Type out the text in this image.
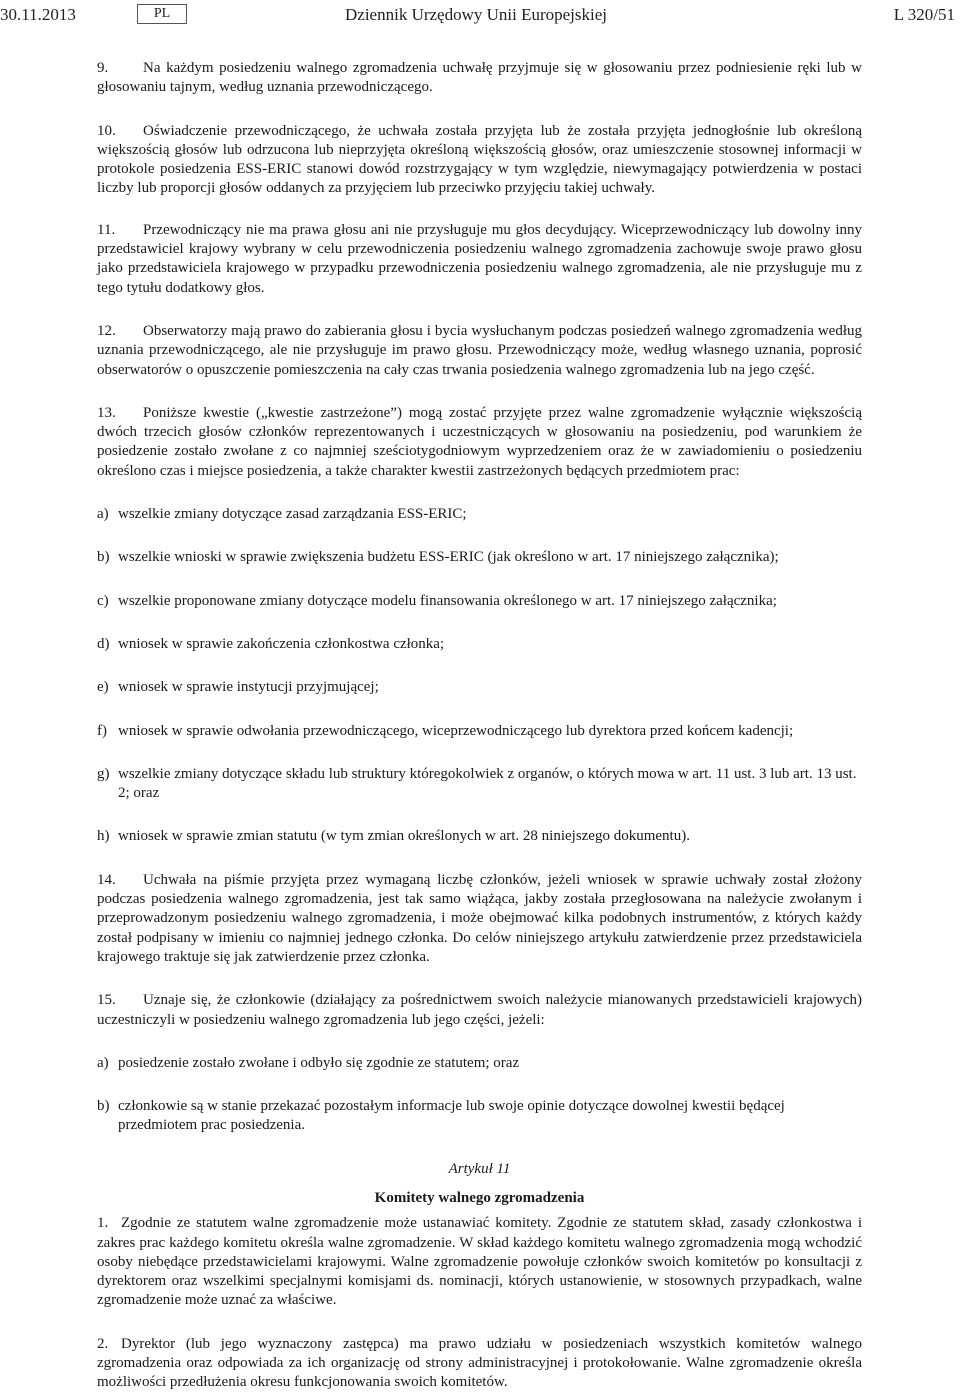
30.11.2013	PL	Dziennik Urzędowy Unii Europejskiej	L 320/51

9. Na każdym posiedzeniu walnego zgromadzenia uchwałę przyjmuje się w głosowaniu przez podniesienie ręki lub w głosowaniu tajnym, według uznania przewodniczącego.

10. Oświadczenie przewodniczącego, że uchwała została przyjęta lub że została przyjęta jednogłośnie lub określoną większością głosów lub odrzucona lub nieprzyjęta określoną większością głosów, oraz umieszczenie stosownej informacji w protokole posiedzenia ESS-ERIC stanowi dowód rozstrzygający w tym względzie, niewymagający potwierdzenia w postaci liczby lub proporcji głosów oddanych za przyjęciem lub przeciwko przyjęciu takiej uchwały.

11. Przewodniczący nie ma prawa głosu ani nie przysługuje mu głos decydujący. Wiceprzewodniczący lub dowolny inny przedstawiciel krajowy wybrany w celu przewodniczenia posiedzeniu walnego zgromadzenia zachowuje swoje prawo głosu jako przedstawiciela krajowego w przypadku przewodniczenia posiedzeniu walnego zgromadzenia, ale nie przysługuje mu z tego tytułu dodatkowy głos.

12. Obserwatorzy mają prawo do zabierania głosu i bycia wysłuchanym podczas posiedzeń walnego zgromadzenia według uznania przewodniczącego, ale nie przysługuje im prawo głosu. Przewodniczący może, według własnego uznania, poprosić obserwatorów o opuszczenie pomieszczenia na cały czas trwania posiedzenia walnego zgromadzenia lub na jego część.

13. Poniższe kwestie („kwestie zastrzeżone”) mogą zostać przyjęte przez walne zgromadzenie wyłącznie większością dwóch trzecich głosów członków reprezentowanych i uczestniczących w głosowaniu na posiedzeniu, pod warunkiem że posiedzenie zostało zwołane z co najmniej sześciotygodniowym wyprzedzeniem oraz że w zawiadomieniu o posiedzeniu określono czas i miejsce posiedzenia, a także charakter kwestii zastrzeżonych będących przedmiotem prac:

a) wszelkie zmiany dotyczące zasad zarządzania ESS-ERIC;

b) wszelkie wnioski w sprawie zwiększenia budżetu ESS-ERIC (jak określono w art. 17 niniejszego załącznika);

c) wszelkie proponowane zmiany dotyczące modelu finansowania określonego w art. 17 niniejszego załącznika;

d) wniosek w sprawie zakończenia członkostwa członka;

e) wniosek w sprawie instytucji przyjmującej;

f) wniosek w sprawie odwołania przewodniczącego, wiceprzewodniczącego lub dyrektora przed końcem kadencji;

g) wszelkie zmiany dotyczące składu lub struktury któregokolwiek z organów, o których mowa w art. 11 ust. 3 lub art. 13 ust. 2; oraz

h) wniosek w sprawie zmian statutu (w tym zmian określonych w art. 28 niniejszego dokumentu).

14. Uchwała na piśmie przyjęta przez wymaganą liczbę członków, jeżeli wniosek w sprawie uchwały został złożony podczas posiedzenia walnego zgromadzenia, jest tak samo wiążąca, jakby została przegłosowana na należycie zwołanym i przeprowadzonym posiedzeniu walnego zgromadzenia, i może obejmować kilka podobnych instrumentów, z których każdy został podpisany w imieniu co najmniej jednego członka. Do celów niniejszego artykułu zatwierdzenie przez przedstawiciela krajowego traktuje się jak zatwierdzenie przez członka.

15. Uznaje się, że członkowie (działający za pośrednictwem swoich należycie mianowanych przedstawicieli krajowych) uczestniczyli w posiedzeniu walnego zgromadzenia lub jego części, jeżeli:

a) posiedzenie zostało zwołane i odbyło się zgodnie ze statutem; oraz

b) członkowie są w stanie przekazać pozostałym informacje lub swoje opinie dotyczące dowolnej kwestii będącej przedmiotem prac posiedzenia.

Artykuł 11

Komitety walnego zgromadzenia

1. Zgodnie ze statutem walne zgromadzenie może ustanawiać komitety. Zgodnie ze statutem skład, zasady członkostwa i zakres prac każdego komitetu określa walne zgromadzenie. W skład każdego komitetu walnego zgromadzenia mogą wchodzić osoby niebędące przedstawicielami krajowymi. Walne zgromadzenie powołuje członków swoich komitetów po konsultacji z dyrektorem oraz wszelkimi specjalnymi komisjami ds. nominacji, których ustanowienie, w stosownych przypadkach, walne zgromadzenie może uznać za właściwe.

2. Dyrektor (lub jego wyznaczony zastępca) ma prawo udziału w posiedzeniach wszystkich komitetów walnego zgromadzenia oraz odpowiada za ich organizację od strony administracyjnej i protokołowanie. Walne zgromadzenie określa możliwości przedłużenia okresu funkcjonowania swoich komitetów.
